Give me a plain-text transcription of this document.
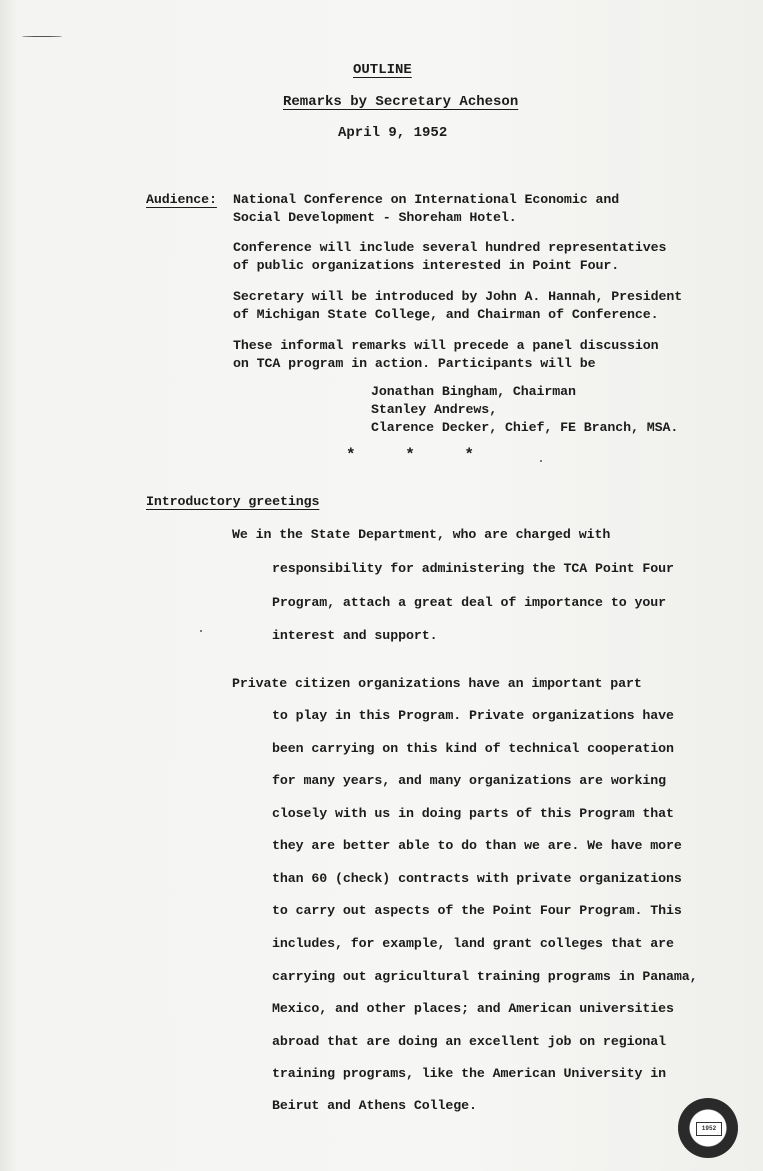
OUTLINE
Remarks by Secretary Acheson
April 9, 1952
Audience: National Conference on International Economic and
Social Development - Shoreham Hotel.
Conference will include several hundred representatives
of public organizations interested in Point Four.
Secretary will be introduced by John A. Hannah, President
of Michigan State College, and Chairman of Conference.
These informal remarks will precede a panel discussion
on TCA program in action. Participants will be
Jonathan Bingham, Chairman
Stanley Andrews,
Clarence Decker, Chief, FE Branch, MSA.
* * *
Introductory greetings
We in the State Department, who are charged with
responsibility for administering the TCA Point Four
Program, attach a great deal of importance to your
interest and support.
Private citizen organizations have an important part
to play in this Program. Private organizations have
been carrying on this kind of technical cooperation
for many years, and many organizations are working
closely with us in doing parts of this Program that
they are better able to do than we are. We have more
than 60 (check) contracts with private organizations
to carry out aspects of the Point Four Program. This
includes, for example, land grant colleges that are
carrying out agricultural training programs in Panama,
Mexico, and other places; and American universities
abroad that are doing an excellent job on regional
training programs, like the American University in
Beirut and Athens College.
1952
